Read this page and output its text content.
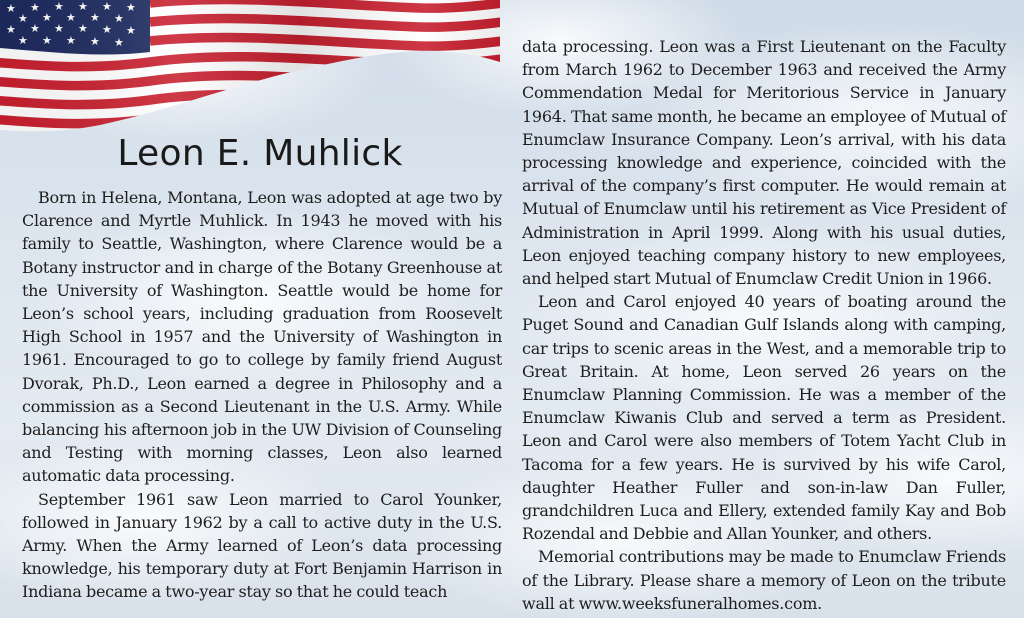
Leon E. Muhlick

Born in Helena, Montana, Leon was adopted at age two by Clarence and Myrtle Muhlick. In 1943 he moved with his family to Seattle, Washington, where Clarence would be a Botany instructor and in charge of the Botany Greenhouse at the University of Washington. Seattle would be home for Leon’s school years, including graduation from Roosevelt High School in 1957 and the University of Washington in 1961. Encouraged to go to college by family friend August Dvorak, Ph.D., Leon earned a degree in Philosophy and a commission as a Second Lieutenant in the U.S. Army. While balancing his afternoon job in the UW Division of Counseling and Testing with morning classes, Leon also learned automatic data processing.

September 1961 saw Leon married to Carol Younker, followed in January 1962 by a call to active duty in the U.S. Army. When the Army learned of Leon’s data processing knowledge, his temporary duty at Fort Benjamin Harrison in Indiana became a two-year stay so that he could teach

data processing. Leon was a First Lieutenant on the Faculty from March 1962 to December 1963 and received the Army Commendation Medal for Meritorious Service in January 1964. That same month, he became an employee of Mutual of Enumclaw Insurance Company. Leon’s arrival, with his data processing knowledge and experience, coincided with the arrival of the company’s first computer. He would remain at Mutual of Enumclaw until his retirement as Vice President of Administration in April 1999. Along with his usual duties, Leon enjoyed teaching company history to new employees, and helped start Mutual of Enumclaw Credit Union in 1966.

Leon and Carol enjoyed 40 years of boating around the Puget Sound and Canadian Gulf Islands along with camping, car trips to scenic areas in the West, and a memorable trip to Great Britain. At home, Leon served 26 years on the Enumclaw Planning Commission. He was a member of the Enumclaw Kiwanis Club and served a term as President. Leon and Carol were also members of Totem Yacht Club in Tacoma for a few years. He is survived by his wife Carol, daughter Heather Fuller and son-in-law Dan Fuller, grandchildren Luca and Ellery, extended family Kay and Bob Rozendal and Debbie and Allan Younker, and others.

Memorial contributions may be made to Enumclaw Friends of the Library. Please share a memory of Leon on the tribute wall at www.weeksfuneralhomes.com.
